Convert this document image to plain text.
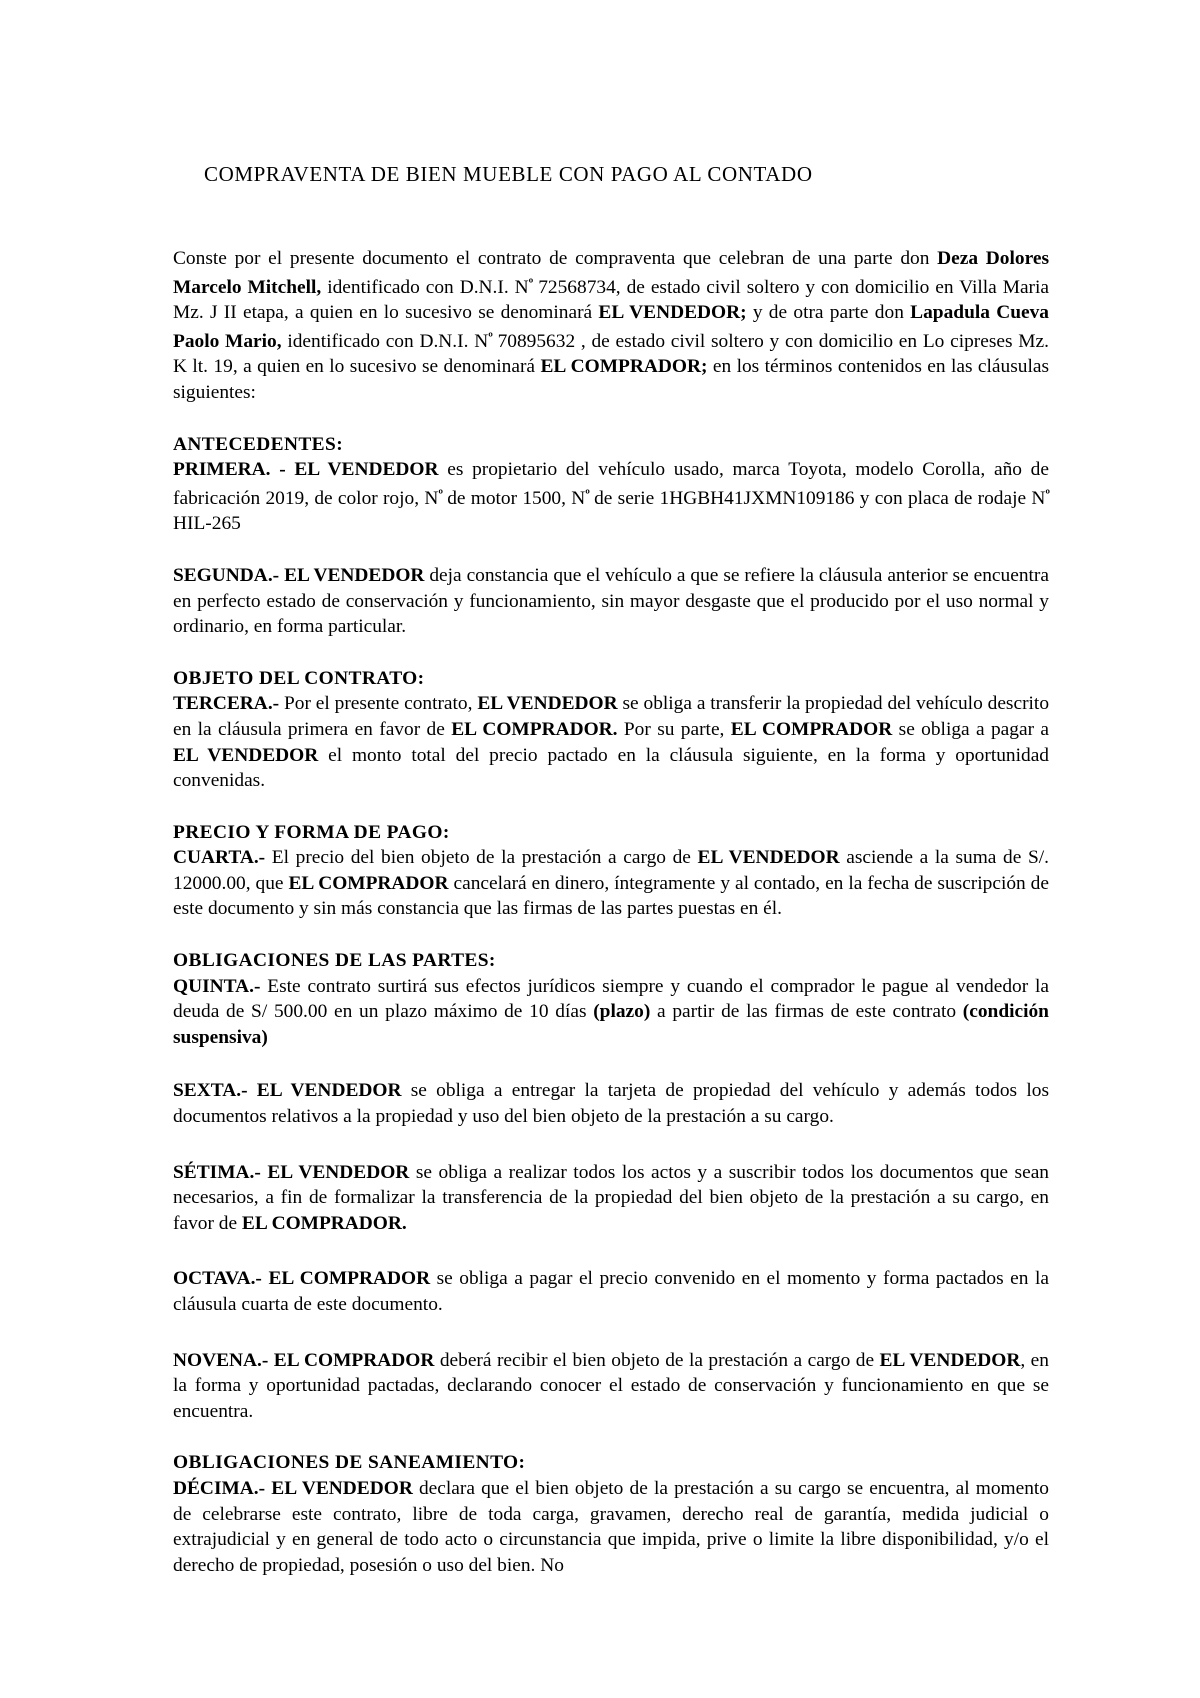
COMPRAVENTA DE BIEN MUEBLE CON PAGO AL CONTADO

Conste por el presente documento el contrato de compraventa que celebran de una parte don Deza Dolores Marcelo Mitchell, identificado con D.N.I. $N^º$ 72568734, de estado civil soltero y con domicilio en Villa Maria Mz. J II etapa, a quien en lo sucesivo se denominará EL VENDEDOR; y de otra parte don Lapadula Cueva Paolo Mario, identificado con D.N.I. $N^º$ 70895632 , de estado civil soltero y con domicilio en Lo cipreses Mz. K lt. 19, a quien en lo sucesivo se denominará EL COMPRADOR; en los términos contenidos en las cláusulas siguientes:

ANTECEDENTES:

PRIMERA. - EL VENDEDOR es propietario del vehículo usado, marca Toyota, modelo Corolla, año de fabricación 2019, de color rojo, $N^º$ de motor 1500, $N^º$ de serie 1HGBH41JXMN109186 y con placa de rodaje $N^º$ HIL-265

SEGUNDA.- EL VENDEDOR deja constancia que el vehículo a que se refiere la cláusula anterior se encuentra en perfecto estado de conservación y funcionamiento, sin mayor desgaste que el producido por el uso normal y ordinario, en forma particular.

OBJETO DEL CONTRATO:

TERCERA.- Por el presente contrato, EL VENDEDOR se obliga a transferir la propiedad del vehículo descrito en la cláusula primera en favor de EL COMPRADOR. Por su parte, EL COMPRADOR se obliga a pagar a EL VENDEDOR el monto total del precio pactado en la cláusula siguiente, en la forma y oportunidad convenidas.

PRECIO Y FORMA DE PAGO:

CUARTA.- El precio del bien objeto de la prestación a cargo de EL VENDEDOR asciende a la suma de S/. 12000.00, que EL COMPRADOR cancelará en dinero, íntegramente y al contado, en la fecha de suscripción de este documento y sin más constancia que las firmas de las partes puestas en él.

OBLIGACIONES DE LAS PARTES:

QUINTA.- Este contrato surtirá sus efectos jurídicos siempre y cuando el comprador le pague al vendedor la deuda de S/ 500.00 en un plazo máximo de 10 días (plazo) a partir de las firmas de este contrato (condición suspensiva)

SEXTA.- EL VENDEDOR se obliga a entregar la tarjeta de propiedad del vehículo y además todos los documentos relativos a la propiedad y uso del bien objeto de la prestación a su cargo.

SÉTIMA.- EL VENDEDOR se obliga a realizar todos los actos y a suscribir todos los documentos que sean necesarios, a fin de formalizar la transferencia de la propiedad del bien objeto de la prestación a su cargo, en favor de EL COMPRADOR.

OCTAVA.- EL COMPRADOR se obliga a pagar el precio convenido en el momento y forma pactados en la cláusula cuarta de este documento.

NOVENA.- EL COMPRADOR deberá recibir el bien objeto de la prestación a cargo de EL VENDEDOR, en la forma y oportunidad pactadas, declarando conocer el estado de conservación y funcionamiento en que se encuentra.

OBLIGACIONES DE SANEAMIENTO:

DÉCIMA.- EL VENDEDOR declara que el bien objeto de la prestación a su cargo se encuentra, al momento de celebrarse este contrato, libre de toda carga, gravamen, derecho real de garantía, medida judicial o extrajudicial y en general de todo acto o circunstancia que impida, prive o limite la libre disponibilidad, y/o el derecho de propiedad, posesión o uso del bien. No
